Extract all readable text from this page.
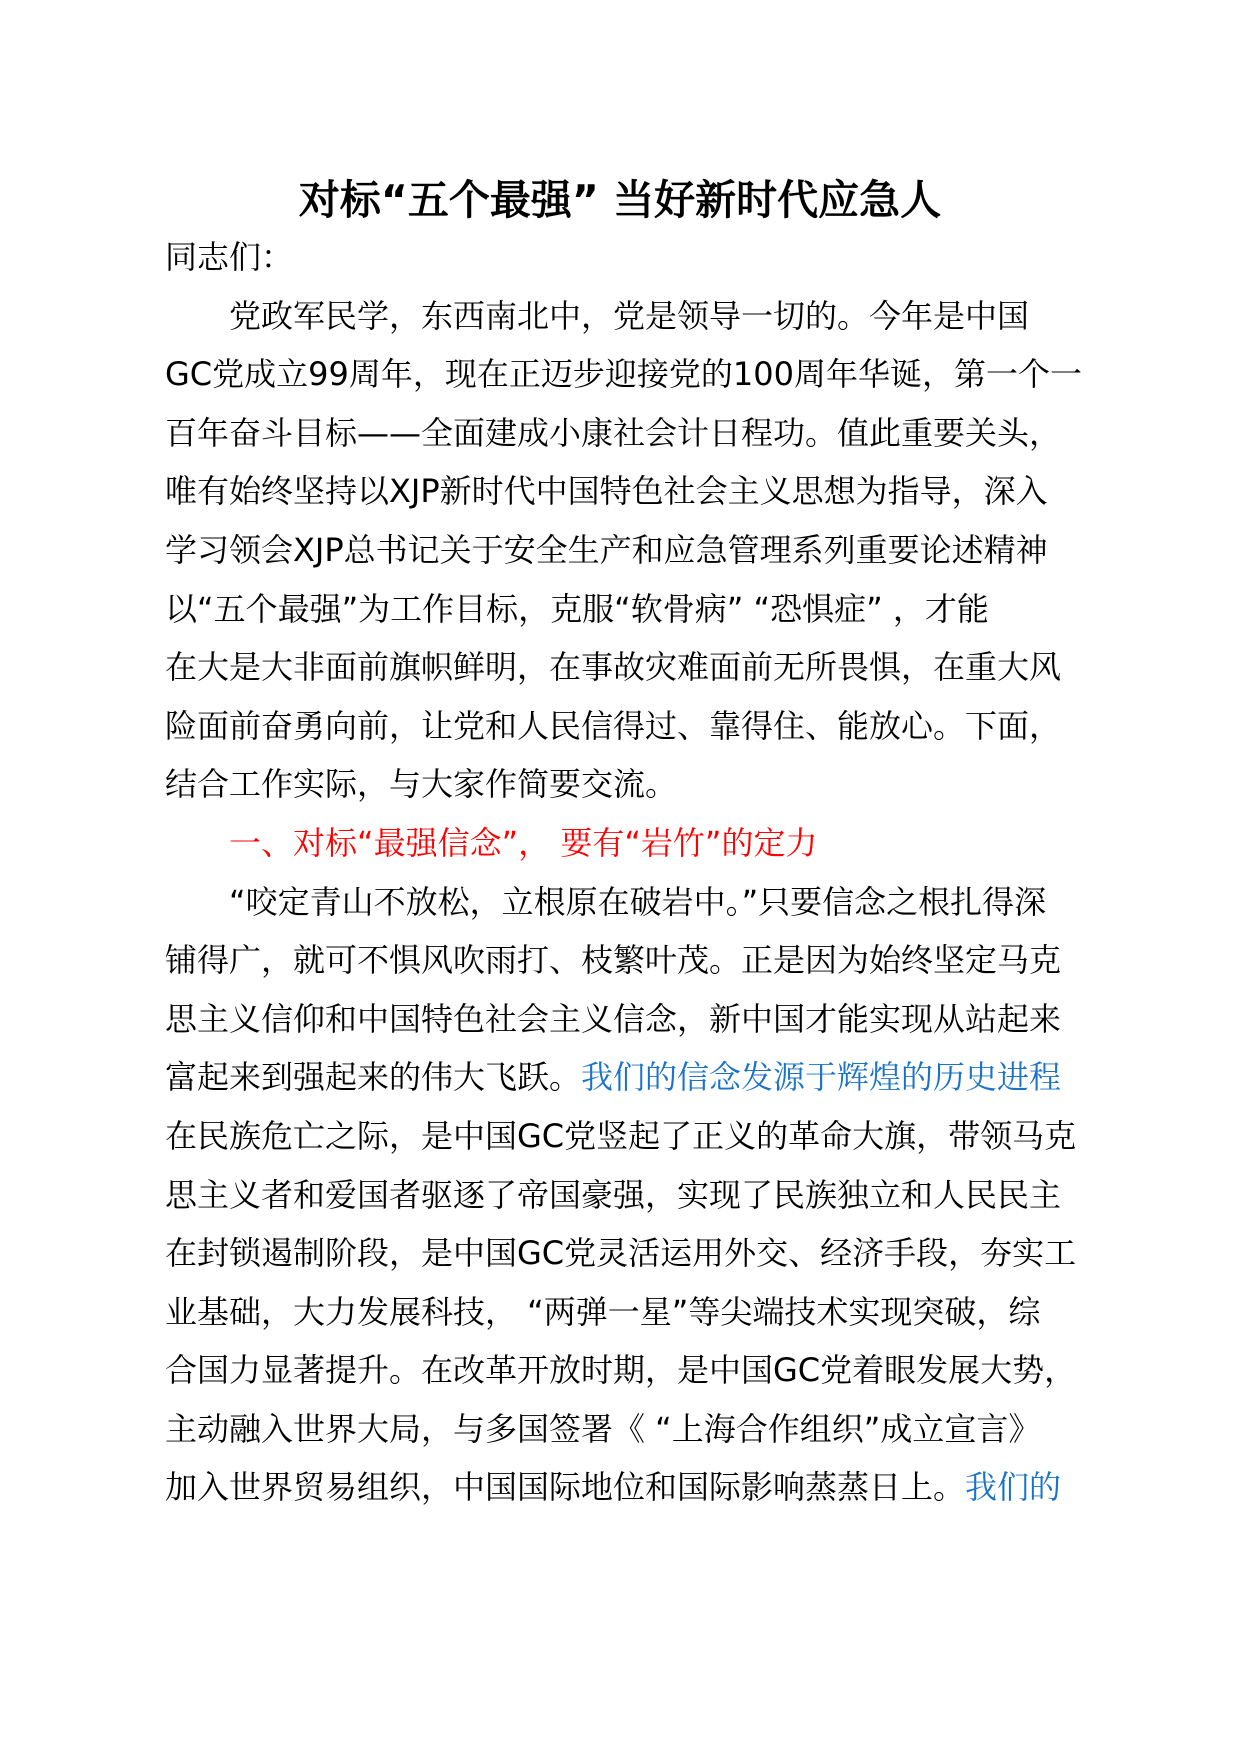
对标“五个最强” 当好新时代应急人
同志们：
党政军民学，东西南北中，党是领导一切的。今年是中国
GC党成立99周年，现在正迈步迎接党的100周年华诞，第一个一
百年奋斗目标——全面建成小康社会计日程功。值此重要关头，
唯有始终坚持以XJP新时代中国特色社会主义思想为指导，深入
学习领会XJP总书记关于安全生产和应急管理系列重要论述精神
以“五个最强”为工作目标，克服“软骨病” “恐惧症” ，才能
在大是大非面前旗帜鲜明，在事故灾难面前无所畏惧，在重大风
险面前奋勇向前，让党和人民信得过、靠得住、能放心。下面，
结合工作实际，与大家作简要交流。
一、对标“最强信念”， 要有“岩竹”的定力
“咬定青山不放松，立根原在破岩中。”只要信念之根扎得深
铺得广，就可不惧风吹雨打、枝繁叶茂。正是因为始终坚定马克
思主义信仰和中国特色社会主义信念，新中国才能实现从站起来
富起来到强起来的伟大飞跃。我们的信念发源于辉煌的历史进程
在民族危亡之际，是中国GC党竖起了正义的革命大旗，带领马克
思主义者和爱国者驱逐了帝国豪强，实现了民族独立和人民民主
在封锁遏制阶段，是中国GC党灵活运用外交、经济手段，夯实工
业基础，大力发展科技， “两弹一星”等尖端技术实现突破，综
合国力显著提升。在改革开放时期，是中国GC党着眼发展大势，
主动融入世界大局，与多国签署《 “上海合作组织”成立宣言》
加入世界贸易组织，中国国际地位和国际影响蒸蒸日上。我们的
